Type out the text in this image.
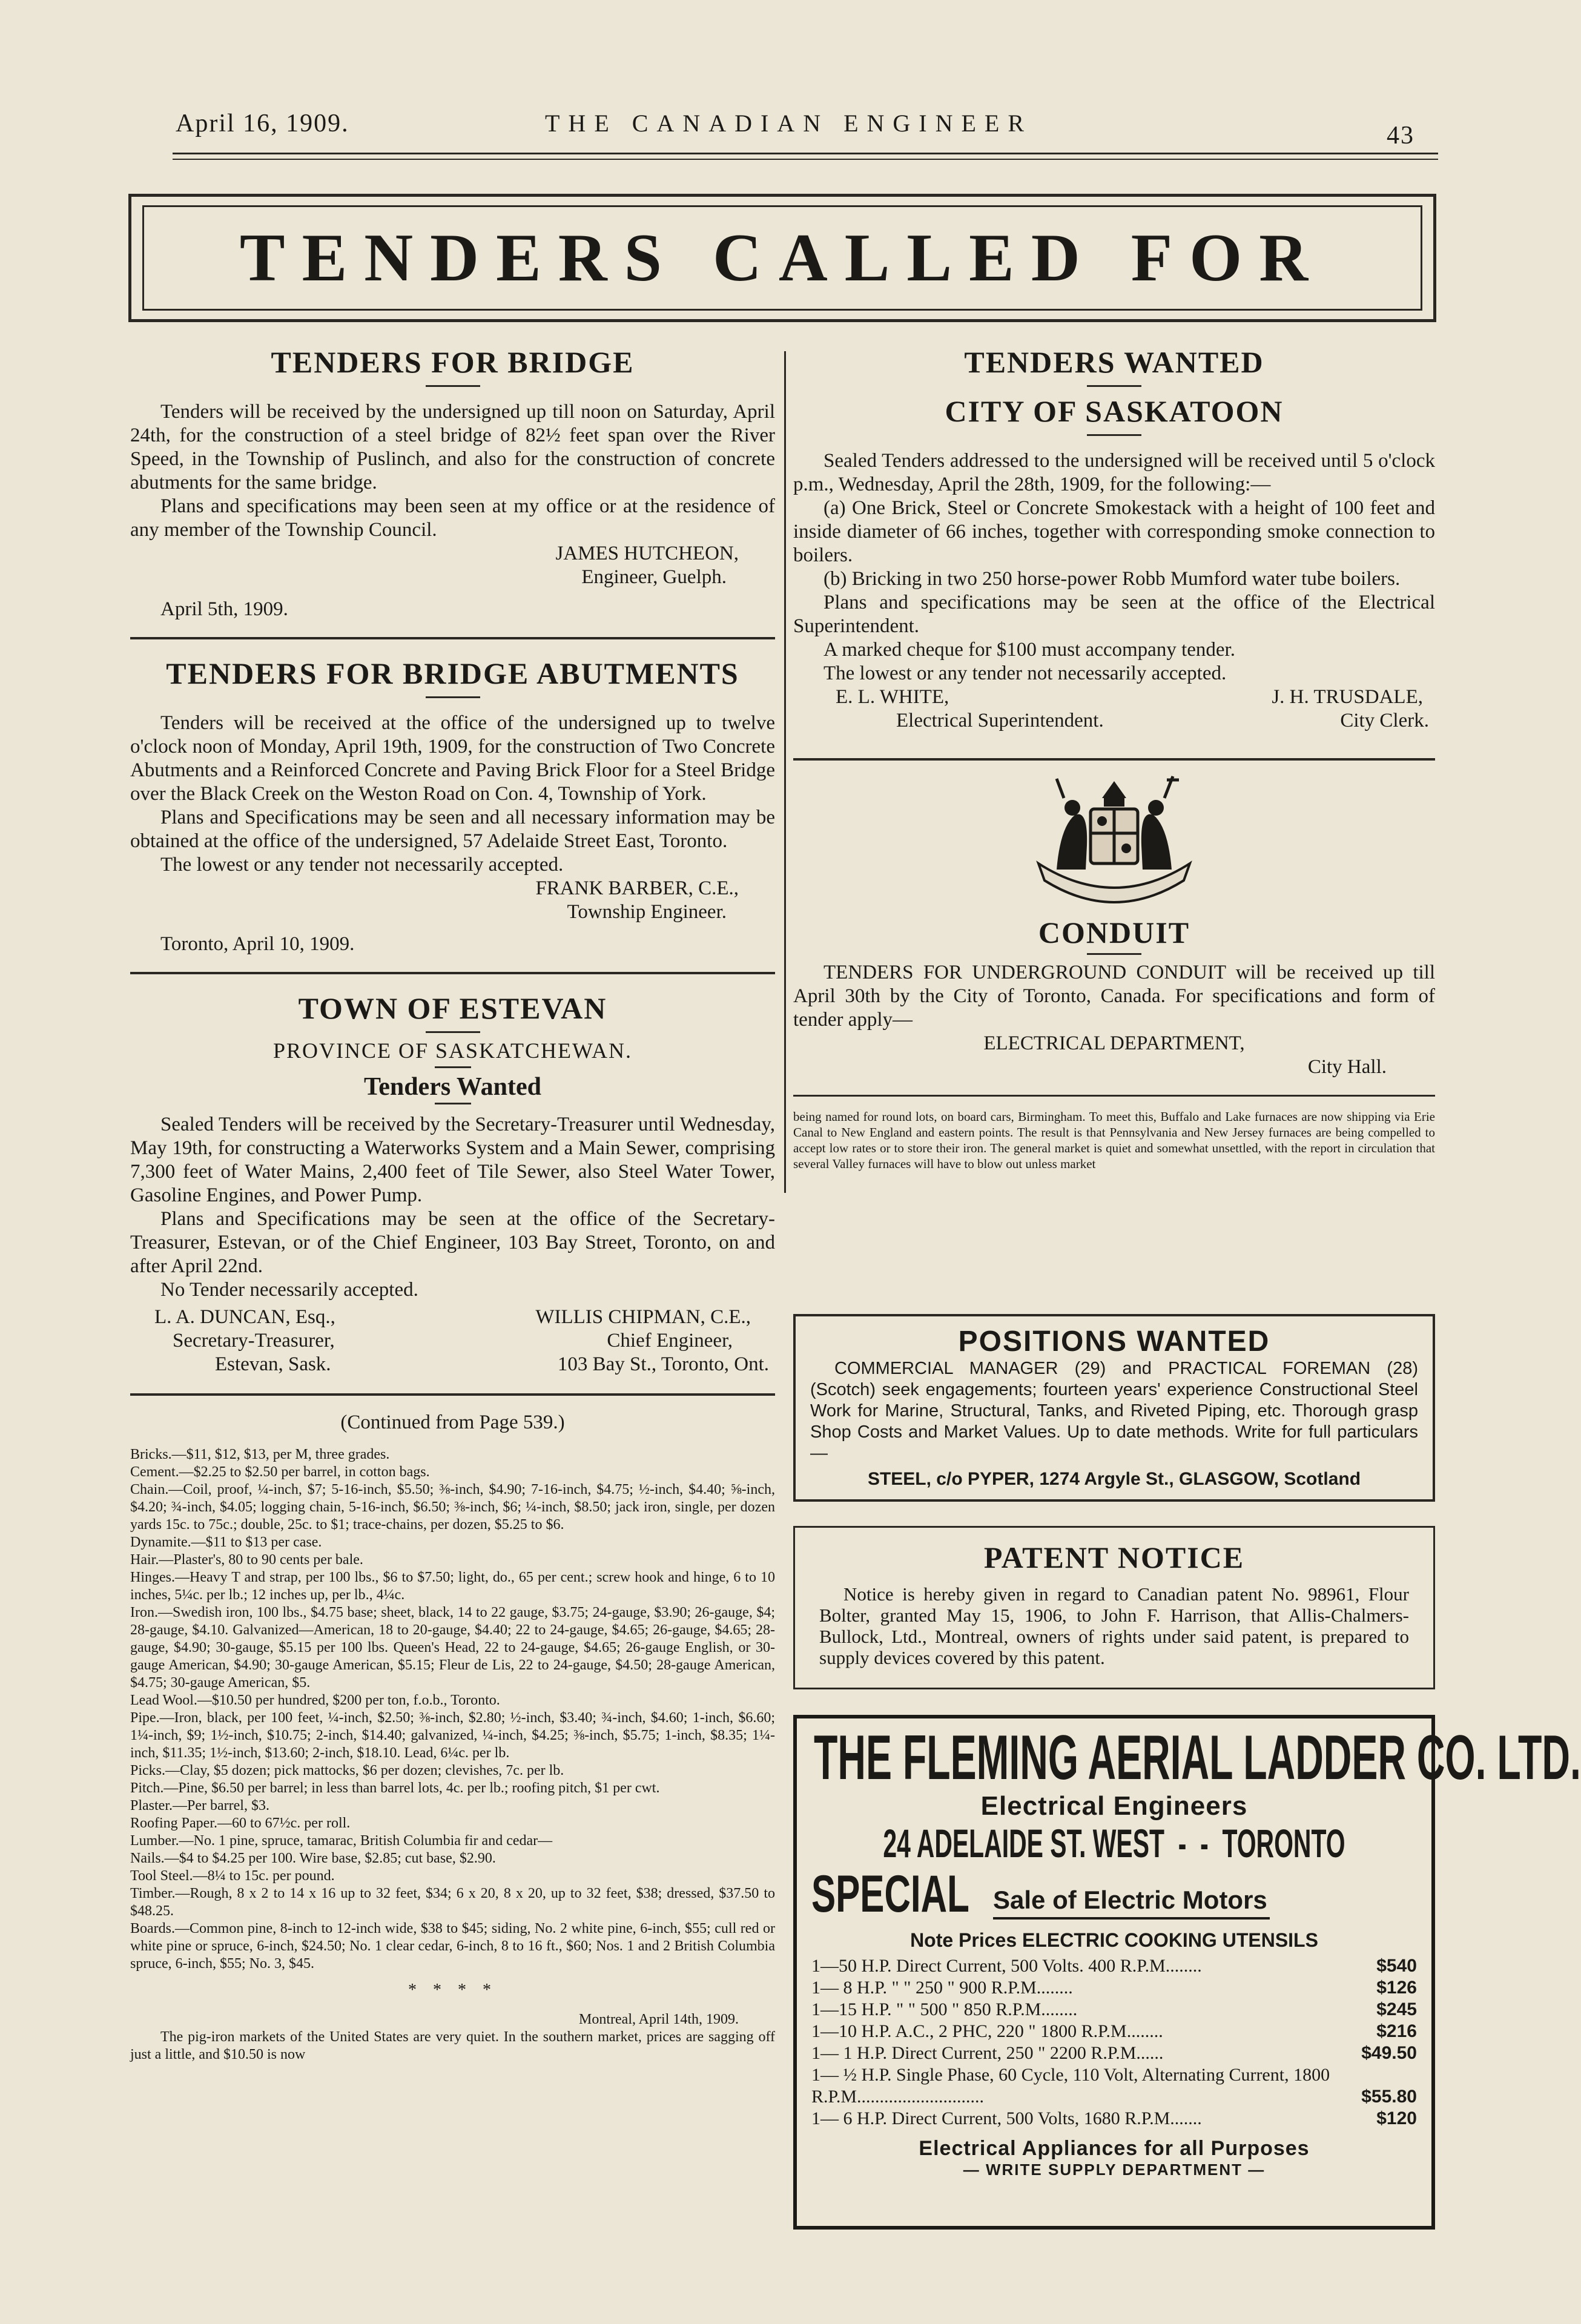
April 16, 1909.	THE CANADIAN ENGINEER	43
TENDERS CALLED FOR
TENDERS FOR BRIDGE

Tenders will be received by the undersigned up till noon on Saturday, April 24th, for the construction of a steel bridge of 82½ feet span over the River Speed, in the Township of Puslinch, and also for the construction of concrete abutments for the same bridge.

Plans and specifications may been seen at my office or at the residence of any member of the Township Council.

JAMES HUTCHEON,
Engineer, Guelph.
April 5th, 1909.
TENDERS FOR BRIDGE ABUTMENTS

Tenders will be received at the office of the undersigned up to twelve o'clock noon of Monday, April 19th, 1909, for the construction of Two Concrete Abutments and a Reinforced Concrete and Paving Brick Floor for a Steel Bridge over the Black Creek on the Weston Road on Con. 4, Township of York.

Plans and Specifications may be seen and all necessary information may be obtained at the office of the undersigned, 57 Adelaide Street East, Toronto.

The lowest or any tender not necessarily accepted.

FRANK BARBER, C.E.,
Township Engineer.
Toronto, April 10, 1909.
TOWN OF ESTEVAN
PROVINCE OF SASKATCHEWAN.
Tenders Wanted

Sealed Tenders will be received by the Secretary-Treasurer until Wednesday, May 19th, for constructing a Waterworks System and a Main Sewer, comprising 7,300 feet of Water Mains, 2,400 feet of Tile Sewer, also Steel Water Tower, Gasoline Engines, and Power Pump.

Plans and Specifications may be seen at the office of the Secretary-Treasurer, Estevan, or of the Chief Engineer, 103 Bay Street, Toronto, on and after April 22nd.

No Tender necessarily accepted.

L. A. DUNCAN, Esq.,
Secretary-Treasurer,
Estevan, Sask.
WILLIS CHIPMAN, C.E.,
Chief Engineer,
103 Bay St., Toronto, Ont.
(Continued from Page 539.)

Bricks.—$11, $12, $13, per M, three grades.

Cement.—$2.25 to $2.50 per barrel, in cotton bags.

Chain.—Coil, proof, ¼-inch, $7; 5-16-inch, $5.50; ⅜-inch, $4.90; 7-16-inch, $4.75; ½-inch, $4.40; ⅝-inch, $4.20; ¾-inch, $4.05; logging chain, 5-16-inch, $6.50; ⅜-inch, $6; ¼-inch, $8.50; jack iron, single, per dozen yards 15c. to 75c.; double, 25c. to $1; trace-chains, per dozen, $5.25 to $6.

Dynamite.—$11 to $13 per case.

Hair.—Plaster's, 80 to 90 cents per bale.

Hinges.—Heavy T and strap, per 100 lbs., $6 to $7.50; light, do., 65 per cent.; screw hook and hinge, 6 to 10 inches, 5¼c. per lb.; 12 inches up, per lb., 4¼c.

Iron.—Swedish iron, 100 lbs., $4.75 base; sheet, black, 14 to 22 gauge, $3.75; 24-gauge, $3.90; 26-gauge, $4; 28-gauge, $4.10. Galvanized—American, 18 to 20-gauge, $4.40; 22 to 24-gauge, $4.65; 26-gauge, $4.65; 28-gauge, $4.90; 30-gauge, $5.15 per 100 lbs. Queen's Head, 22 to 24-gauge, $4.65; 26-gauge English, or 30-gauge American, $4.90; 30-gauge American, $5.15; Fleur de Lis, 22 to 24-gauge, $4.50; 28-gauge American, $4.75; 30-gauge American, $5.

Lead Wool.—$10.50 per hundred, $200 per ton, f.o.b., Toronto.

Pipe.—Iron, black, per 100 feet, ¼-inch, $2.50; ⅜-inch, $2.80; ½-inch, $3.40; ¾-inch, $4.60; 1-inch, $6.60; 1¼-inch, $9; 1½-inch, $10.75; 2-inch, $14.40; galvanized, ¼-inch, $4.25; ⅜-inch, $5.75; 1-inch, $8.35; 1¼-inch, $11.35; 1½-inch, $13.60; 2-inch, $18.10. Lead, 6¼c. per lb.

Picks.—Clay, $5 dozen; pick mattocks, $6 per dozen; clevishes, 7c. per lb.

Pitch.—Pine, $6.50 per barrel; in less than barrel lots, 4c. per lb.; roofing pitch, $1 per cwt.

Plaster.—Per barrel, $3.

Roofing Paper.—60 to 67½c. per roll.

Lumber.—No. 1 pine, spruce, tamarac, British Columbia fir and cedar—

Nails.—$4 to $4.25 per 100. Wire base, $2.85; cut base, $2.90.

Tool Steel.—8¼ to 15c. per pound.

Timber.—Rough, 8 x 2 to 14 x 16 up to 32 feet, $34; 6 x 20, 8 x 20, up to 32 feet, $38; dressed, $37.50 to $48.25.

Boards.—Common pine, 8-inch to 12-inch wide, $38 to $45; siding, No. 2 white pine, 6-inch, $55; cull red or white pine or spruce, 6-inch, $24.50; No. 1 clear cedar, 6-inch, 8 to 16 ft., $60; Nos. 1 and 2 British Columbia spruce, 6-inch, $55; No. 3, $45.

* * * *
Montreal, April 14th, 1909.

The pig-iron markets of the United States are very quiet. In the southern market, prices are sagging off just a little, and $10.50 is now

TENDERS WANTED
CITY OF SASKATOON

Sealed Tenders addressed to the undersigned will be received until 5 o'clock p.m., Wednesday, April the 28th, 1909, for the following:—

(a) One Brick, Steel or Concrete Smokestack with a height of 100 feet and inside diameter of 66 inches, together with corresponding smoke connection to boilers.

(b) Bricking in two 250 horse-power Robb Mumford water tube boilers.

Plans and specifications may be seen at the office of the Electrical Superintendent.

A marked cheque for $100 must accompany tender.

The lowest or any tender not necessarily accepted.

E. L. WHITE,
Electrical Superintendent.
J. H. TRUSDALE,
City Clerk.
CONDUIT

TENDERS FOR UNDERGROUND CONDUIT will be received up till April 30th by the City of Toronto, Canada. For specifications and form of tender apply—

ELECTRICAL DEPARTMENT,
City Hall.
being named for round lots, on board cars, Birmingham. To meet this, Buffalo and Lake furnaces are now shipping via Erie Canal to New England and eastern points. The result is that Pennsylvania and New Jersey furnaces are being compelled to accept low rates or to store their iron. The general market is quiet and somewhat unsettled, with the report in circulation that several Valley furnaces will have to blow out unless market
POSITIONS WANTED
COMMERCIAL MANAGER (29) and PRACTICAL FOREMAN (28) (Scotch) seek engagements; fourteen years' experience Constructional Steel Work for Marine, Structural, Tanks, and Riveted Piping, etc. Thorough grasp Shop Costs and Market Values. Up to date methods. Write for full particulars—
STEEL, c/o PYPER, 1274 Argyle St., GLASGOW, Scotland
PATENT NOTICE
Notice is hereby given in regard to Canadian patent No. 98961, Flour Bolter, granted May 15, 1906, to John F. Harrison, that Allis-Chalmers-Bullock, Ltd., Montreal, owners of rights under said patent, is prepared to supply devices covered by this patent.
THE FLEMING AERIAL LADDER CO. LTD.
Electrical Engineers
24 ADELAIDE ST. WEST  -  -  TORONTO
SPECIAL Sale of Electric Motors
Note Prices ELECTRIC COOKING UTENSILS
1—50 H.P. Direct Current, 500 Volts. 400 R.P.M........	$540
1— 8 H.P. " " 250 " 900 R.P.M........	$126
1—15 H.P. " " 500 " 850 R.P.M........	$245
1—10 H.P. A.C., 2 PHC, 220 " 1800 R.P.M........	$216
1— 1 H.P. Direct Current, 250 " 2200 R.P.M......	$49.50
1— ½ H.P. Single Phase, 60 Cycle, 110 Volt, Alternating Current, 1800 R.P.M............................	$55.80
1— 6 H.P. Direct Current, 500 Volts, 1680 R.P.M.......	$120
Electrical Appliances for all Purposes
— WRITE SUPPLY DEPARTMENT —
